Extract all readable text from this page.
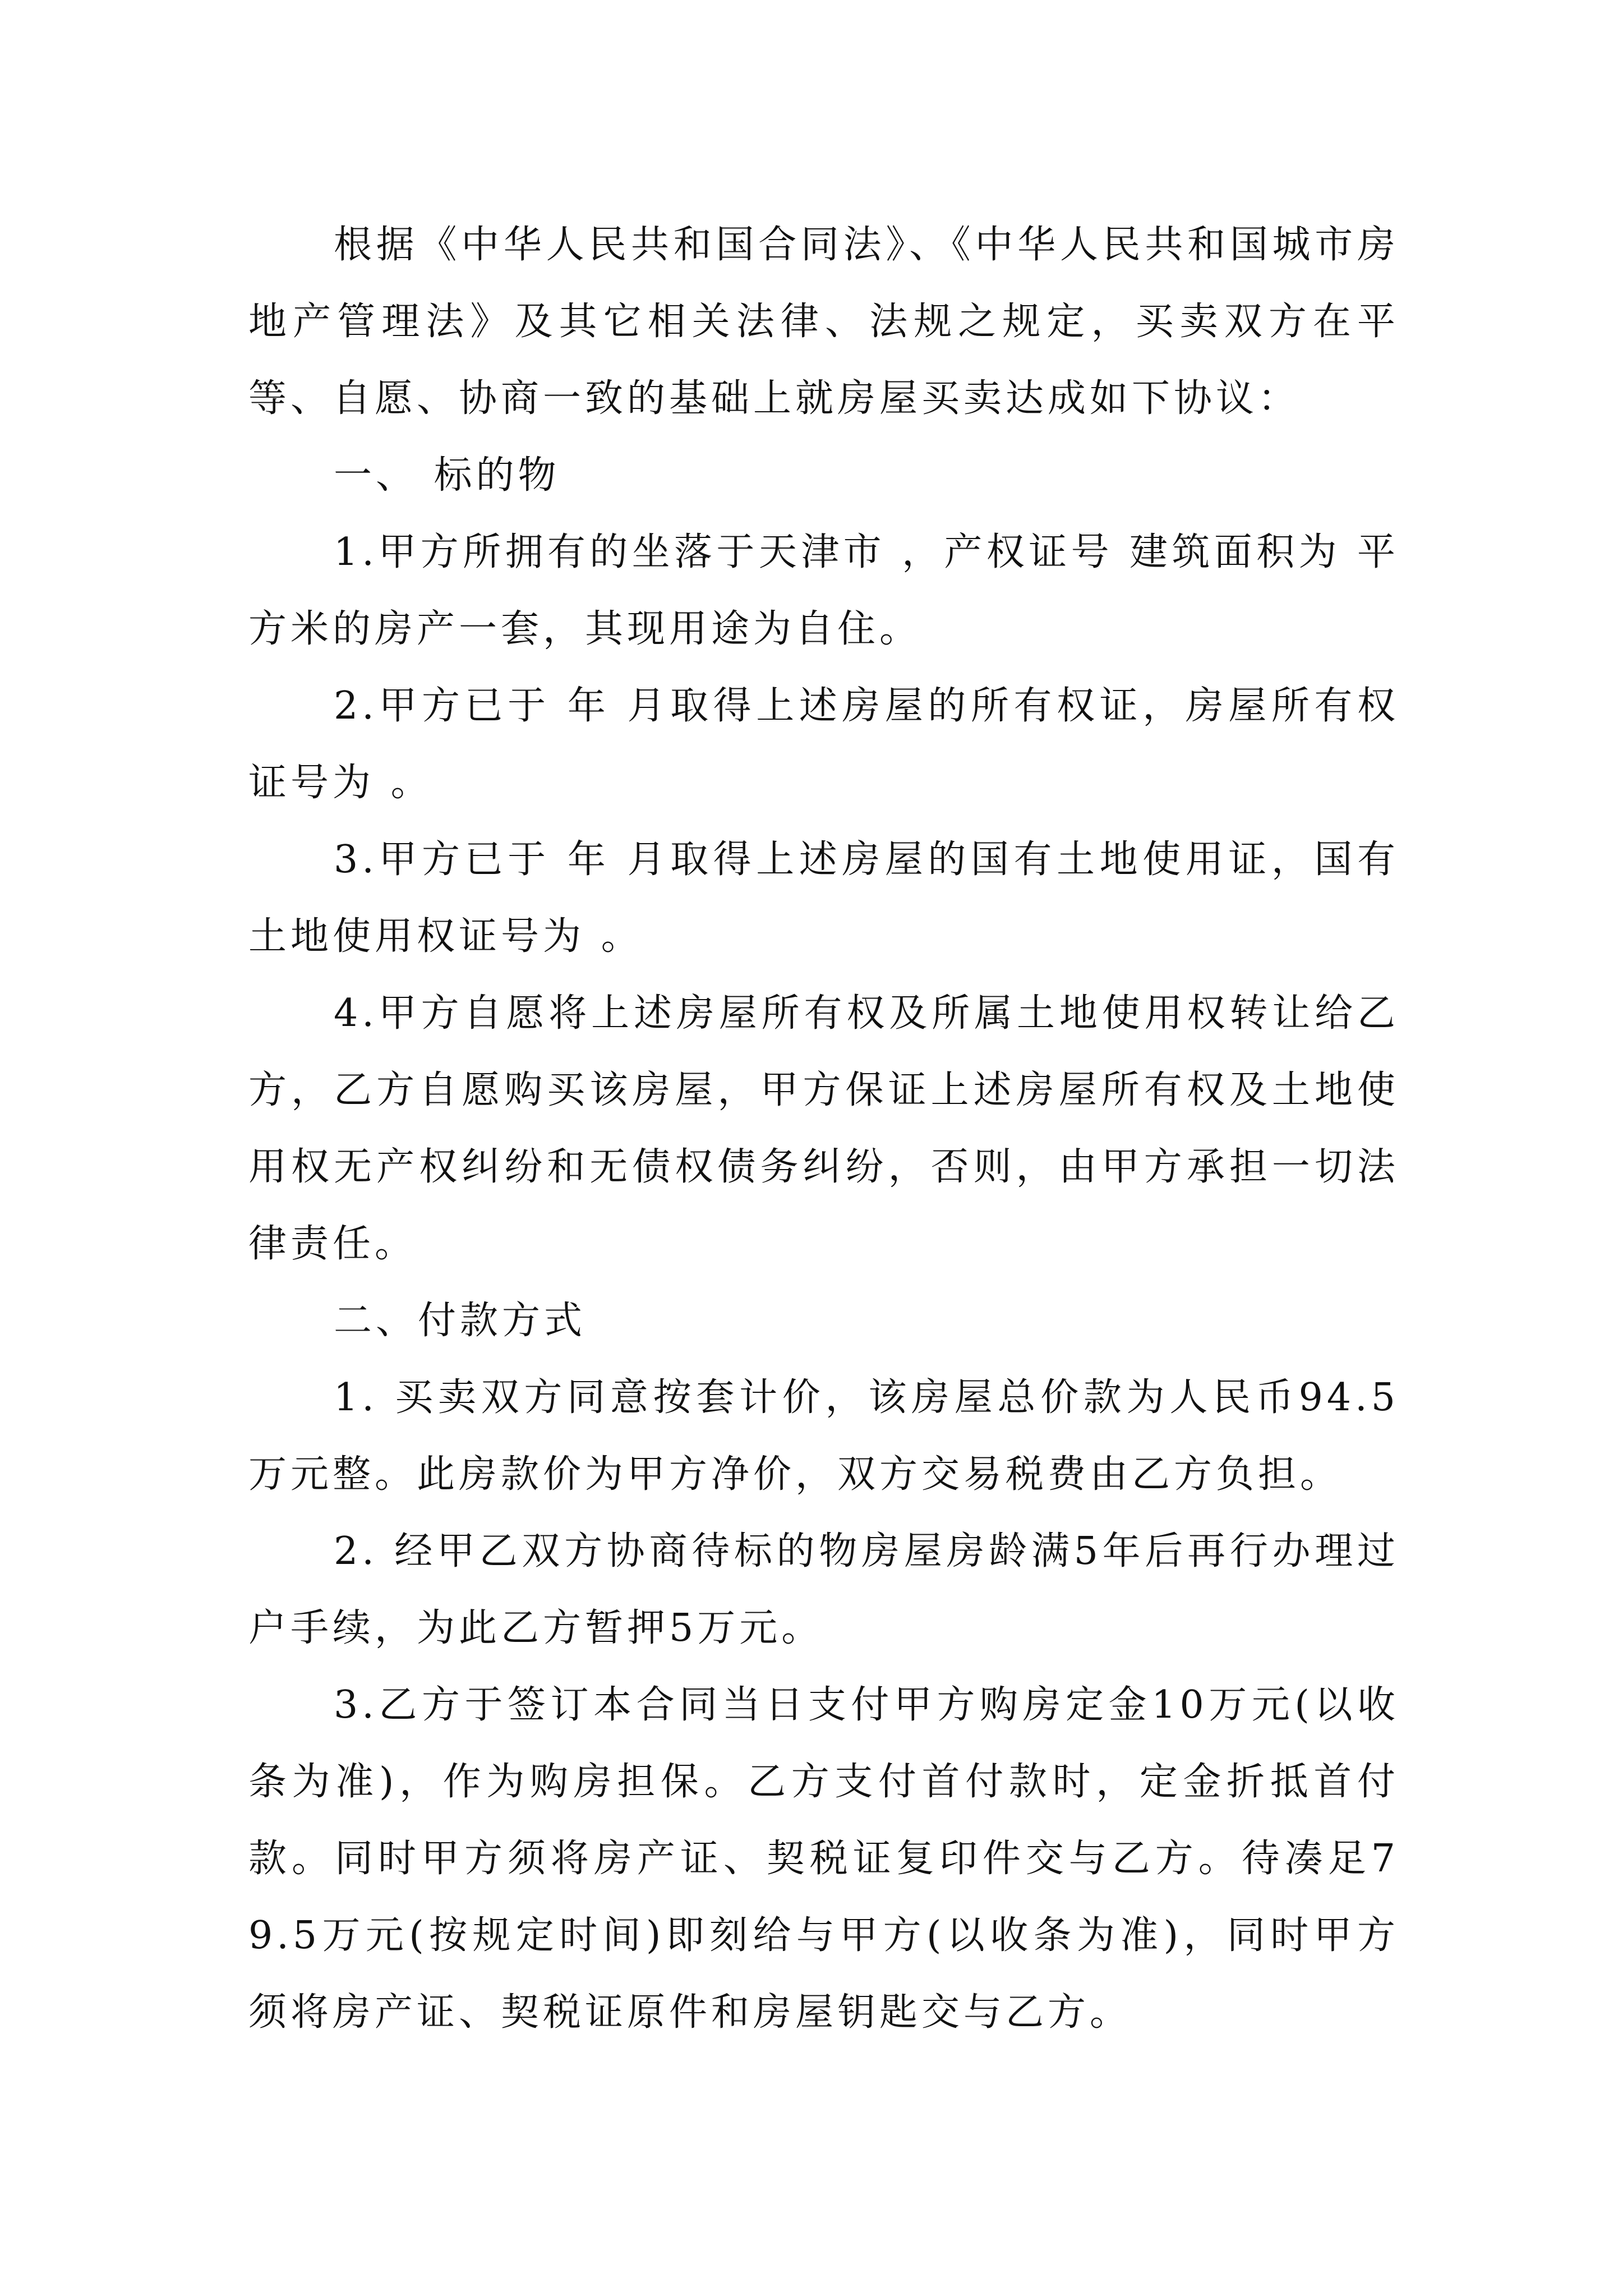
根据《中华人民共和国合同法》、《中华人民共和国城市房地产管理法》及其它相关法律、法规之规定，买卖双方在平等、自愿、协商一致的基础上就房屋买卖达成如下协议：

一、 标的物

1.甲方所拥有的坐落于天津市 ，产权证号 建筑面积为 平方米的房产一套，其现用途为自住。

2.甲方已于 年 月取得上述房屋的所有权证，房屋所有权证号为 。

3.甲方已于 年 月取得上述房屋的国有土地使用证，国有土地使用权证号为 。

4.甲方自愿将上述房屋所有权及所属土地使用权转让给乙方，乙方自愿购买该房屋，甲方保证上述房屋所有权及土地使用权无产权纠纷和无债权债务纠纷，否则，由甲方承担一切法律责任。

二、付款方式

1. 买卖双方同意按套计价，该房屋总价款为人民币94.5万元整。此房款价为甲方净价，双方交易税费由乙方负担。

2. 经甲乙双方协商待标的物房屋房龄满5年后再行办理过户手续，为此乙方暂押5万元。

3.乙方于签订本合同当日支付甲方购房定金10万元(以收条为准)，作为购房担保。乙方支付首付款时，定金折抵首付款。同时甲方须将房产证、契税证复印件交与乙方。待凑足79.5万元(按规定时间)即刻给与甲方(以收条为准)，同时甲方须将房产证、契税证原件和房屋钥匙交与乙方。
